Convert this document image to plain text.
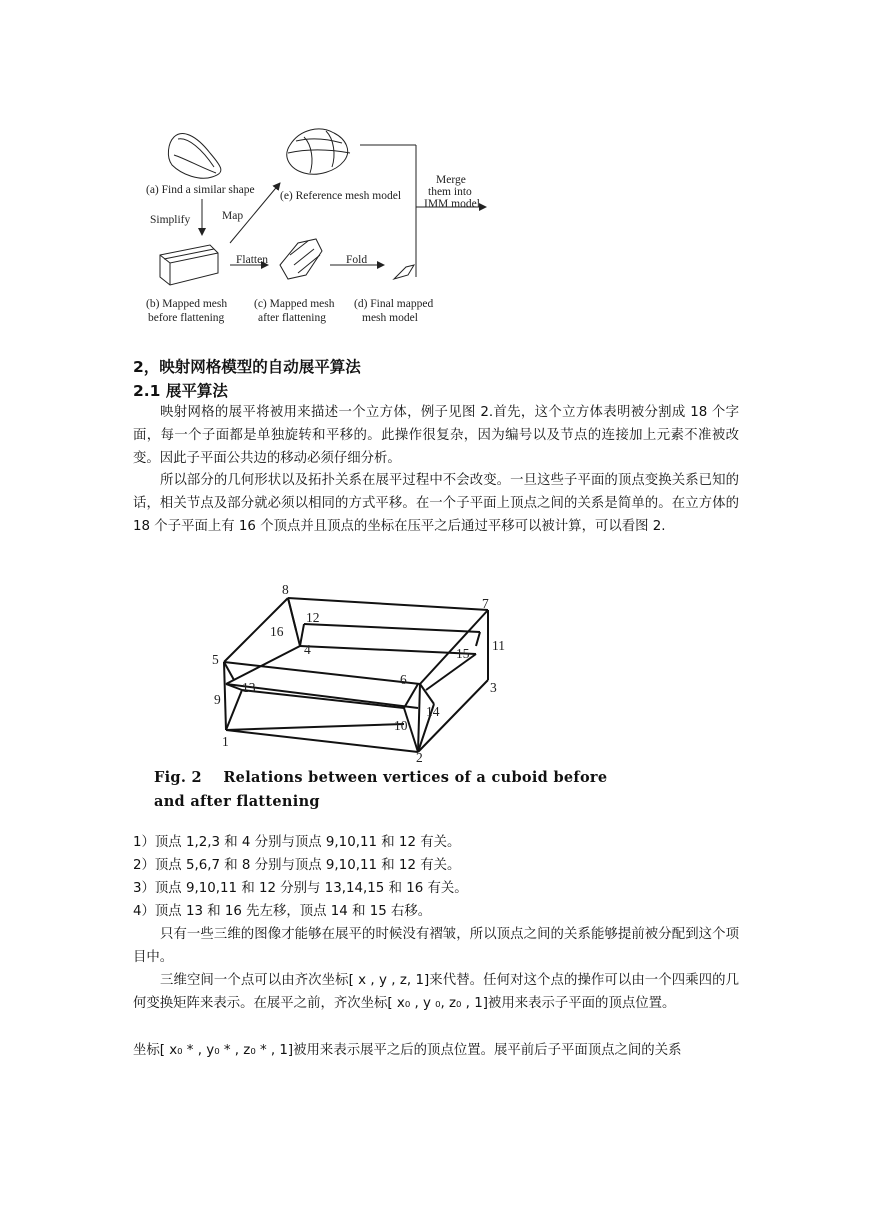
(a) Find a similar shape
Simplify	Map
(e) Reference mesh model
Merge
them into
IMM model
Flatten	Fold
(b) Mapped mesh
before flattening
(c) Mapped mesh
after flattening
(d) Final mapped
mesh model
2，映射网格模型的自动展平算法
2.1 展平算法

映射网格的展平将被用来描述一个立方体，例子见图 2.首先，这个立方体表明被分割成 18 个字面，每一个子面都是单独旋转和平移的。此操作很复杂，因为编号以及节点的连接加上元素不准被改变。因此子平面公共边的移动必须仔细分析。

所以部分的几何形状以及拓扑关系在展平过程中不会改变。一旦这些子平面的顶点变换关系已知的话，相关节点及部分就必须以相同的方式平移。在一个子平面上顶点之间的关系是简单的。在立方体的 18 个子平面上有 16 个顶点并且顶点的坐标在压平之后通过平移可以被计算，可以看图 2.

1
2
3
4
5
6
7
8
9
10
11
12
13
14
15
16

Fig. 2    Relations between vertices of a cuboid before

and after flattening

1）顶点 1,2,3 和 4 分别与顶点 9,10,11 和 12 有关。

2）顶点 5,6,7 和 8 分别与顶点 9,10,11 和 12 有关。

3）顶点 9,10,11 和 12 分别与 13,14,15 和 16 有关。

4）顶点 13 和 16 先左移，顶点 14 和 15 右移。

只有一些三维的图像才能够在展平的时候没有褶皱，所以顶点之间的关系能够提前被分配到这个项目中。

三维空间一个点可以由齐次坐标[ x , y , z, 1]来代替。任何对这个点的操作可以由一个四乘四的几何变换矩阵来表示。在展平之前，齐次坐标[ x₀ , y ₀, z₀ , 1]被用来表示子平面的顶点位置。

坐标[ x₀ * , y₀ * , z₀ * , 1]被用来表示展平之后的顶点位置。展平前后子平面顶点之间的关系
